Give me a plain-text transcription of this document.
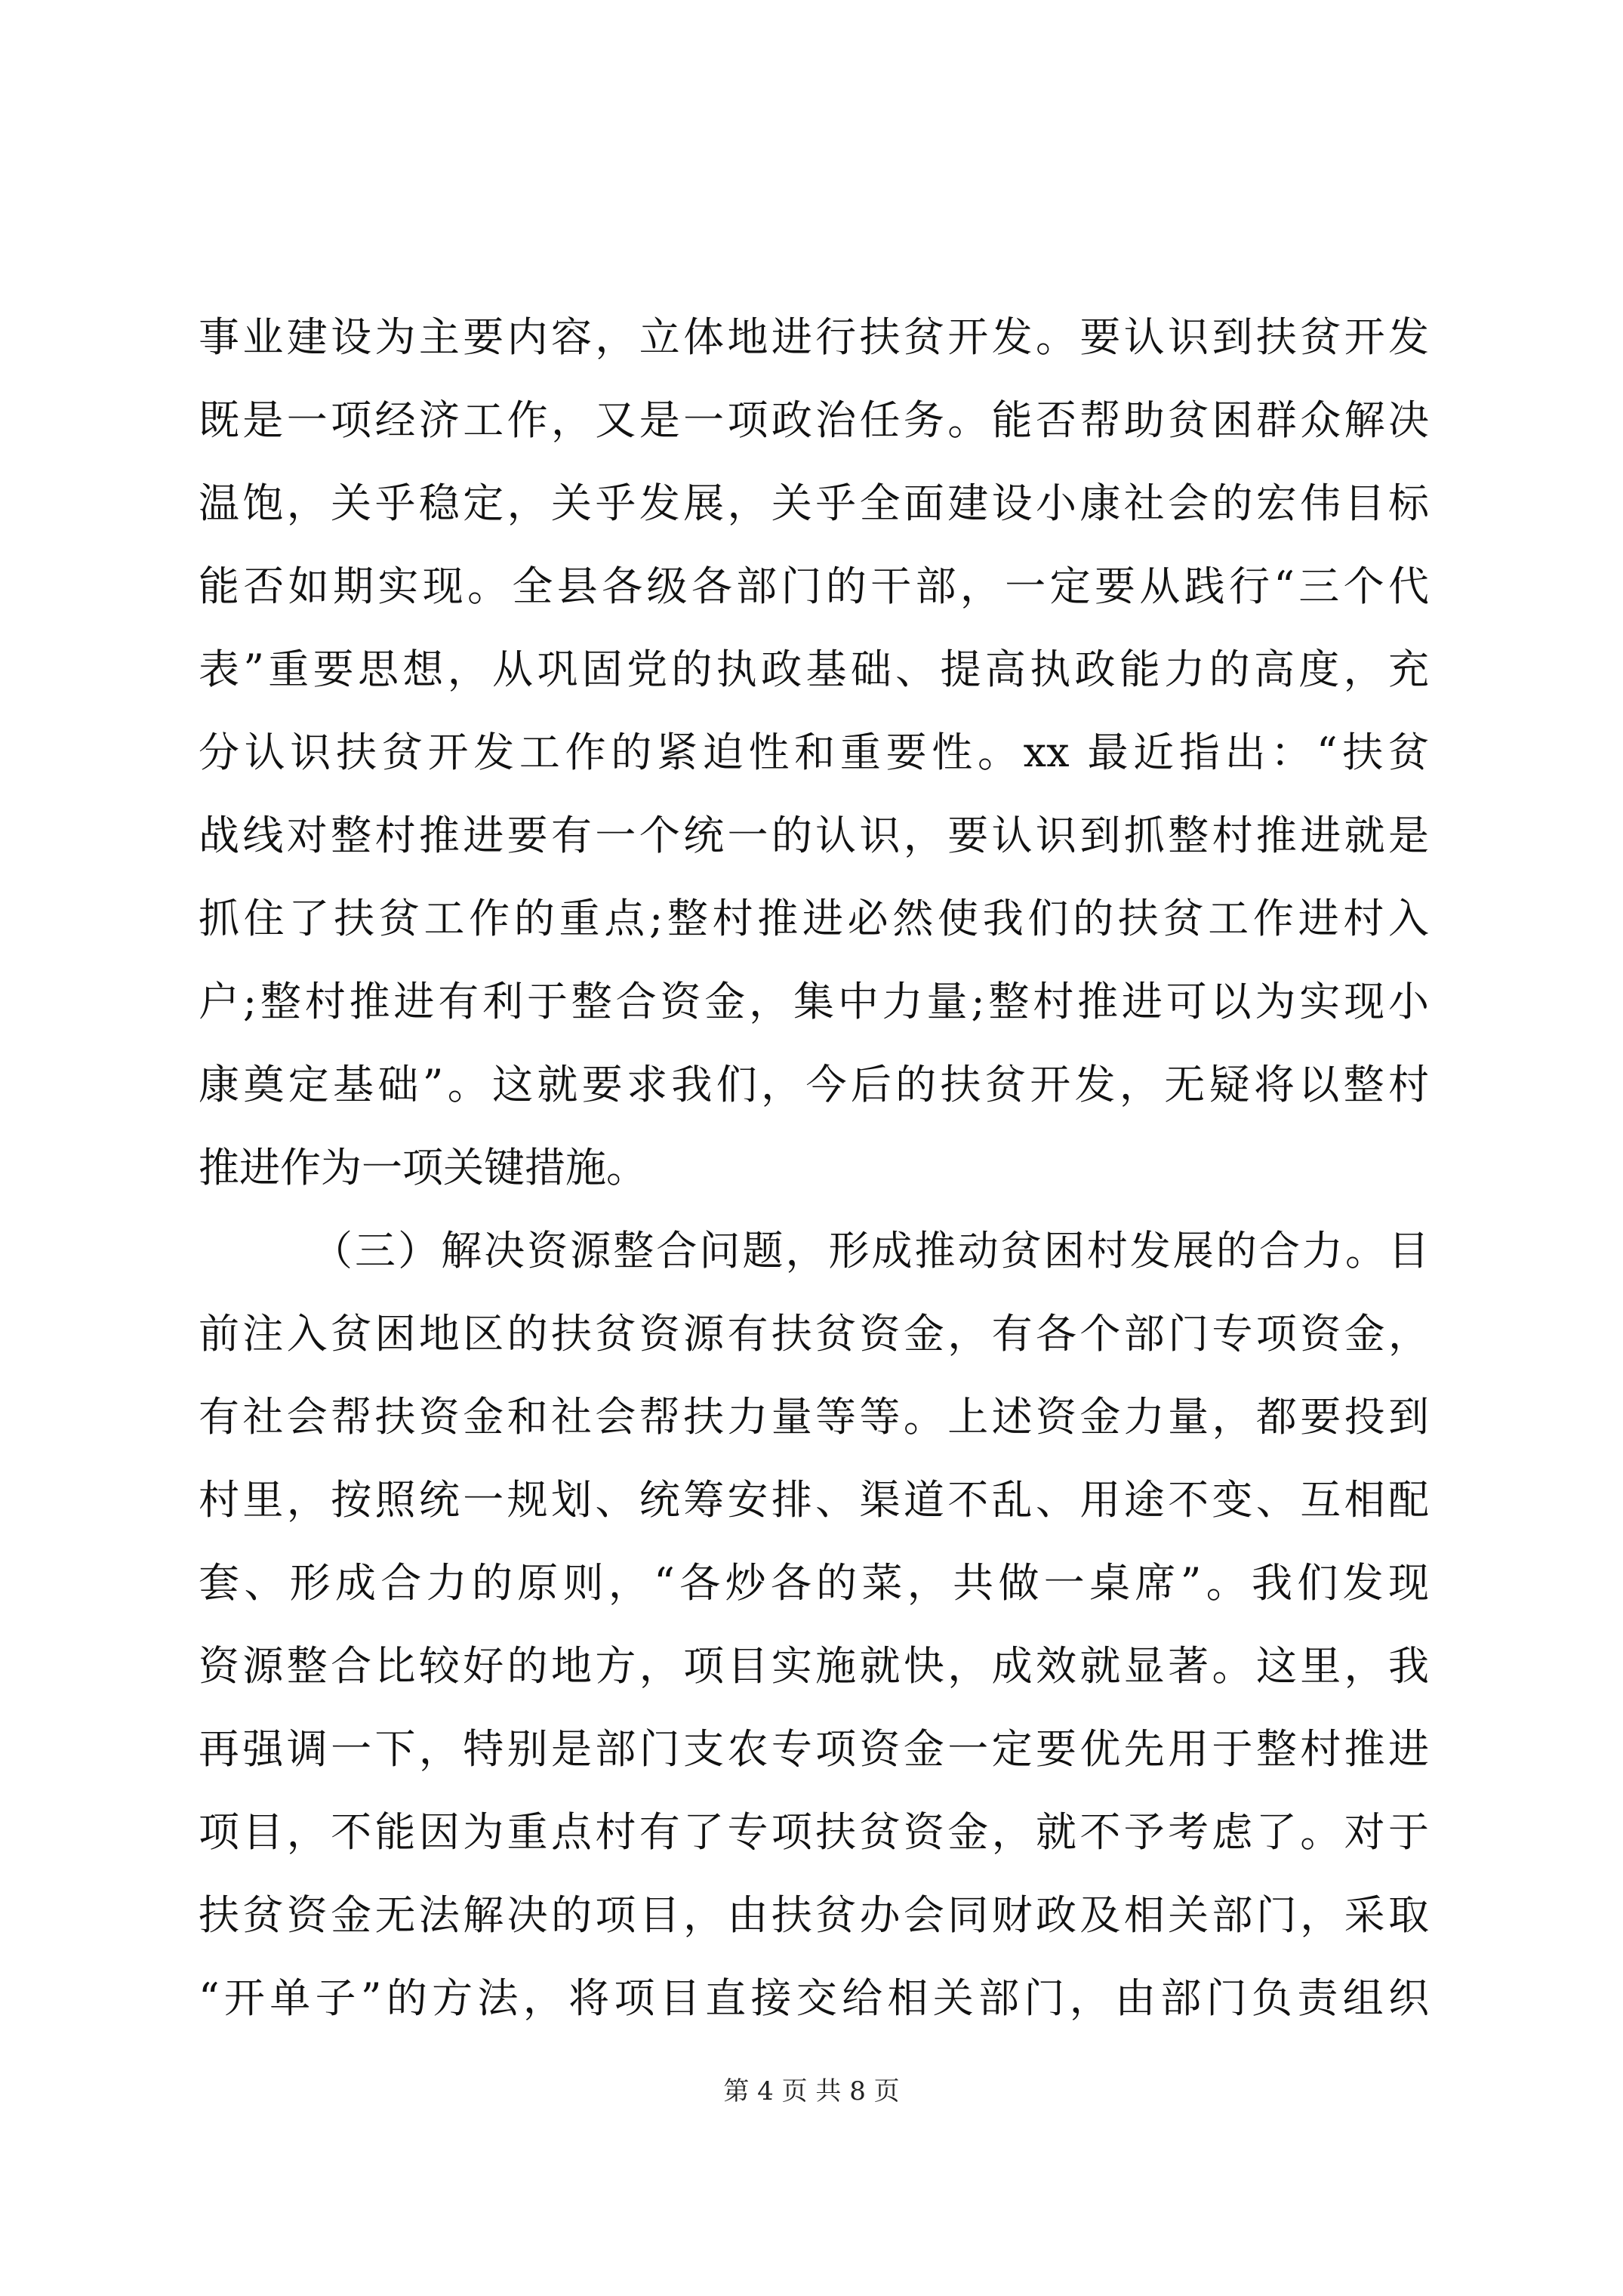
事业建设为主要内容，立体地进行扶贫开发。要认识到扶贫开发
既是一项经济工作，又是一项政治任务。能否帮助贫困群众解决
温饱，关乎稳定，关乎发展，关乎全面建设小康社会的宏伟目标
能否如期实现。全县各级各部门的干部，一定要从践行“三个代
表”重要思想，从巩固党的执政基础、提高执政能力的高度，充
分认识扶贫开发工作的紧迫性和重要性。xx 最近指出：“扶贫
战线对整村推进要有一个统一的认识，要认识到抓整村推进就是
抓住了扶贫工作的重点;整村推进必然使我们的扶贫工作进村入
户;整村推进有利于整合资金，集中力量;整村推进可以为实现小
康奠定基础”。这就要求我们，今后的扶贫开发，无疑将以整村
推进作为一项关键措施。
（三）解决资源整合问题，形成推动贫困村发展的合力。目
前注入贫困地区的扶贫资源有扶贫资金，有各个部门专项资金，
有社会帮扶资金和社会帮扶力量等等。上述资金力量，都要投到
村里，按照统一规划、统筹安排、渠道不乱、用途不变、互相配
套、形成合力的原则，“各炒各的菜，共做一桌席”。我们发现
资源整合比较好的地方，项目实施就快，成效就显著。这里，我
再强调一下，特别是部门支农专项资金一定要优先用于整村推进
项目，不能因为重点村有了专项扶贫资金，就不予考虑了。对于
扶贫资金无法解决的项目，由扶贫办会同财政及相关部门，采取
“开单子”的方法，将项目直接交给相关部门，由部门负责组织
第 4 页 共 8 页
